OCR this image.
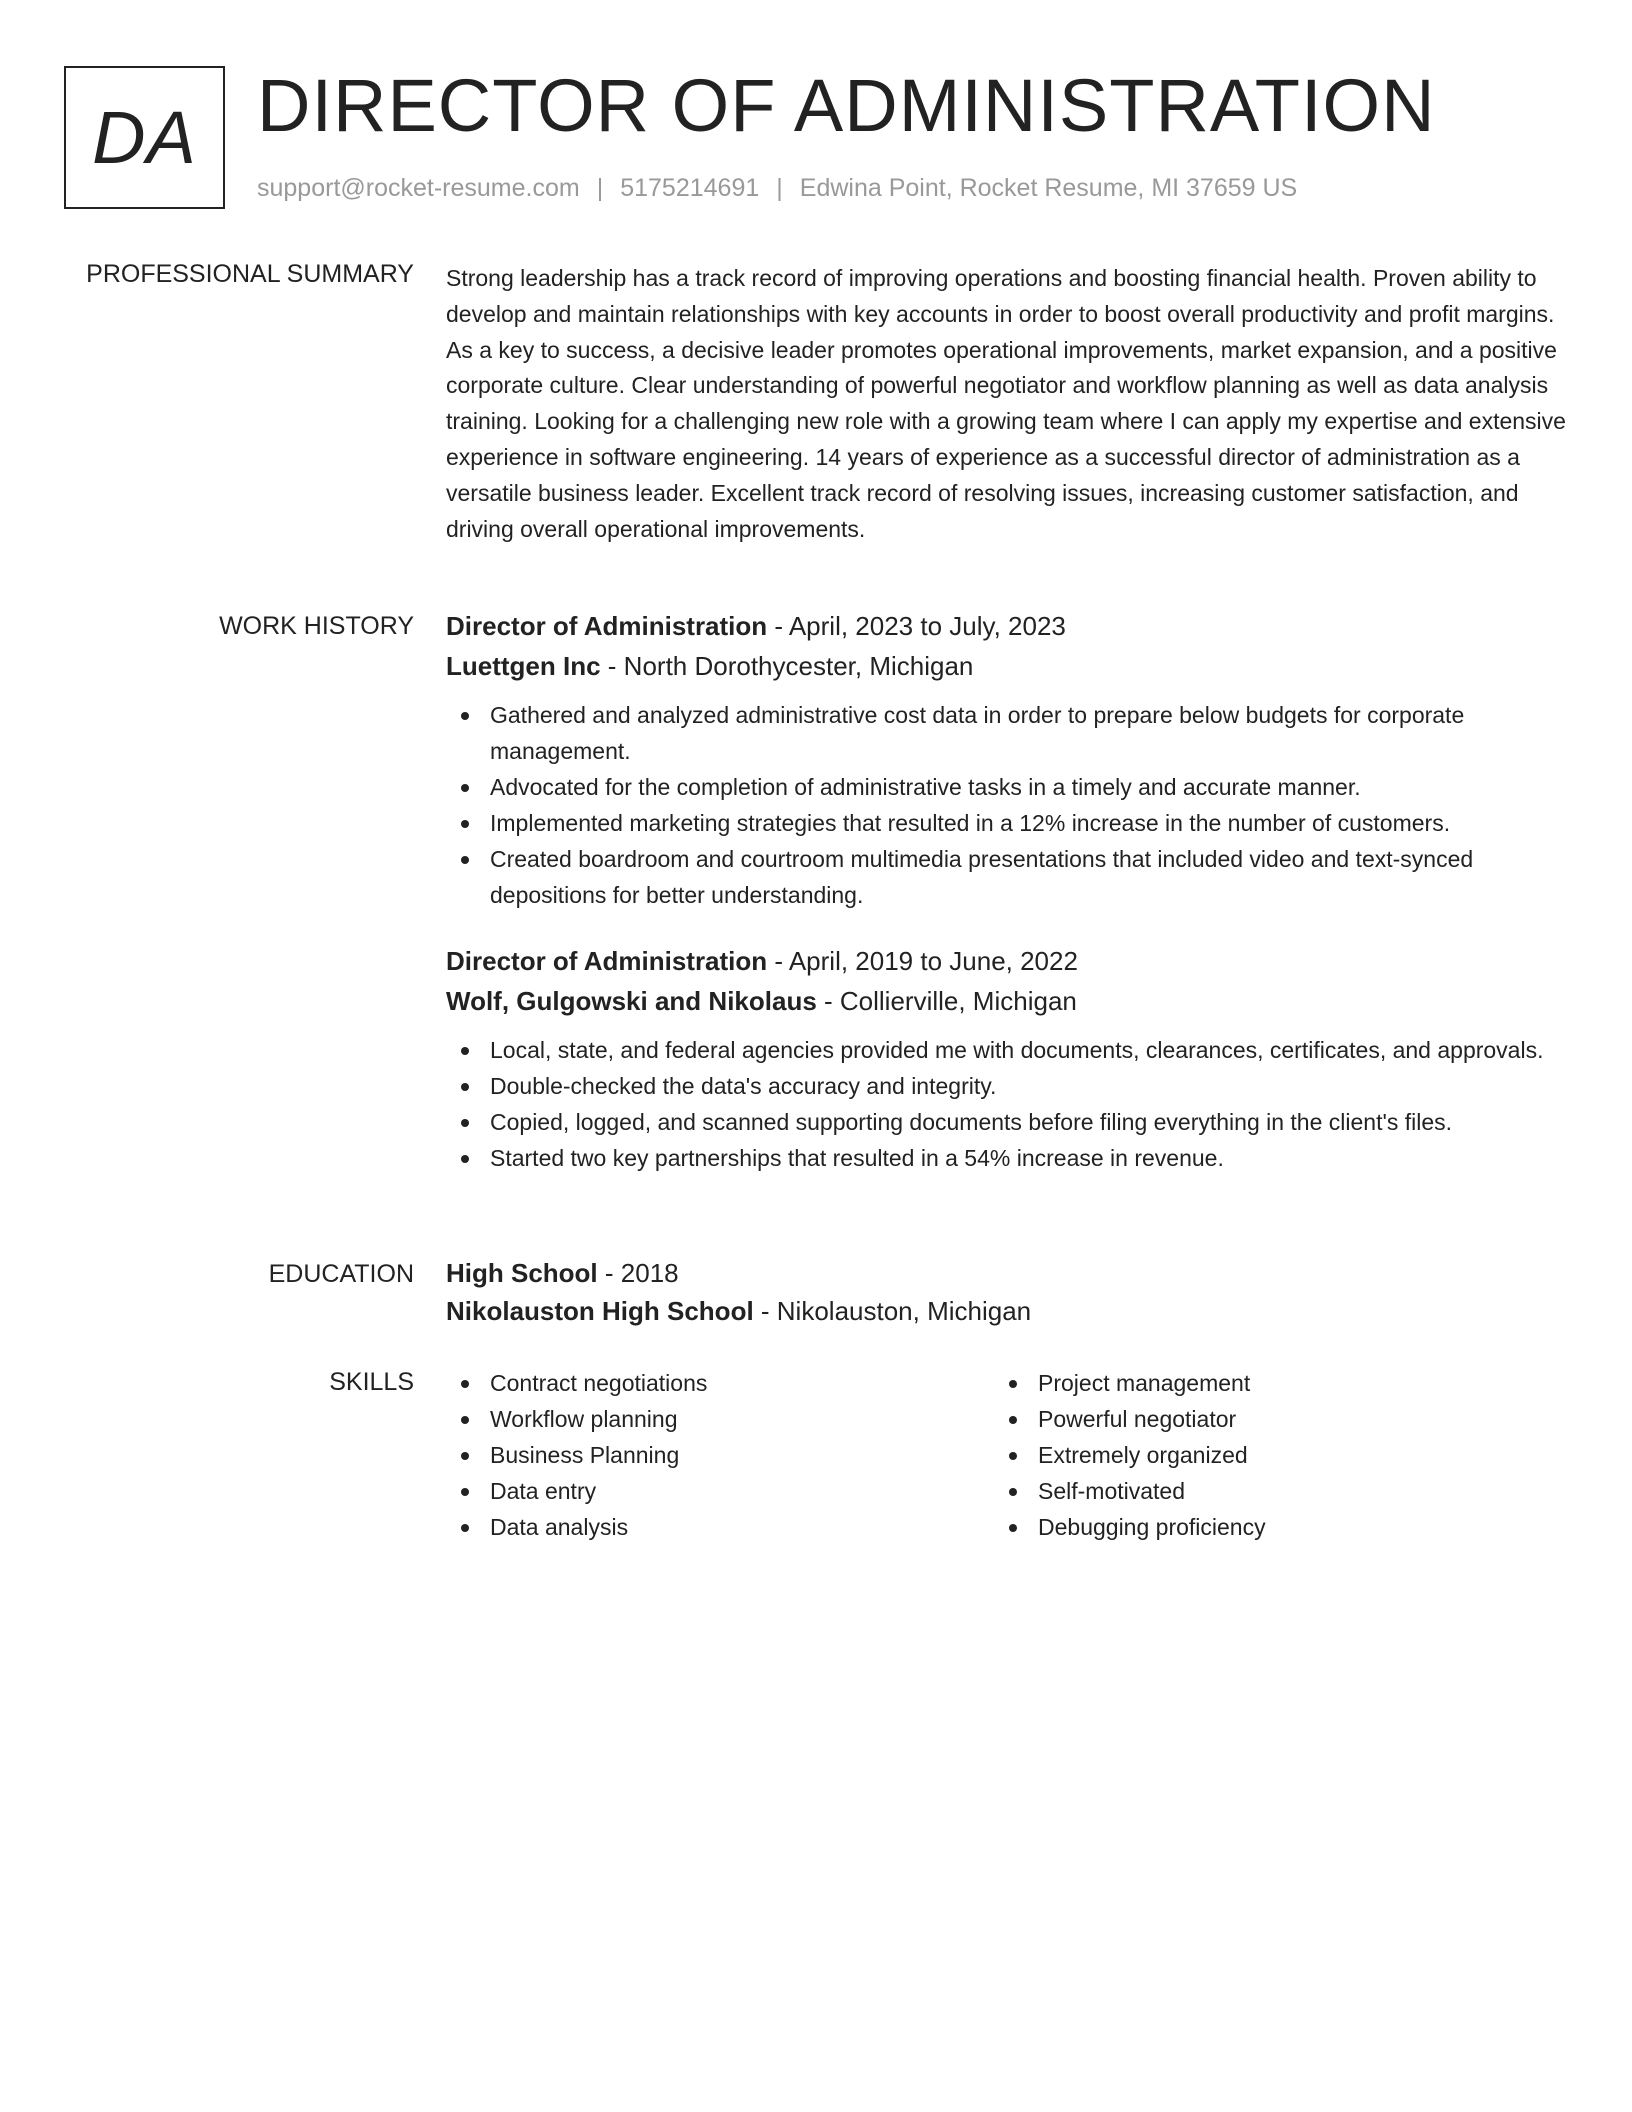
DA DIRECTOR OF ADMINISTRATION
support@rocket-resume.com | 5175214691 | Edwina Point, Rocket Resume, MI 37659 US
PROFESSIONAL SUMMARY Strong leadership has a track record of improving operations and boosting financial health. Proven ability to develop and maintain relationships with key accounts in order to boost overall productivity and profit margins. As a key to success, a decisive leader promotes operational improvements, market expansion, and a positive corporate culture. Clear understanding of powerful negotiator and workflow planning as well as data analysis training. Looking for a challenging new role with a growing team where I can apply my expertise and extensive experience in software engineering. 14 years of experience as a successful director of administration as a versatile business leader. Excellent track record of resolving issues, increasing customer satisfaction, and driving overall operational improvements.

WORK HISTORY Director of Administration - April, 2023 to July, 2023
Luettgen Inc - North Dorothycester, Michigan
Gathered and analyzed administrative cost data in order to prepare below budgets for corporate management.
Advocated for the completion of administrative tasks in a timely and accurate manner.
Implemented marketing strategies that resulted in a 12% increase in the number of customers.
Created boardroom and courtroom multimedia presentations that included video and text-synced depositions for better understanding.
Director of Administration - April, 2019 to June, 2022
Wolf, Gulgowski and Nikolaus - Collierville, Michigan
Local, state, and federal agencies provided me with documents, clearances, certificates, and approvals.
Double-checked the data's accuracy and integrity.
Copied, logged, and scanned supporting documents before filing everything in the client's files.
Started two key partnerships that resulted in a 54% increase in revenue.
EDUCATION High School - 2018
Nikolauston High School - Nikolauston, Michigan
SKILLS	Contract negotiations
Workflow planning
Business Planning
Data entry
Data analysis
Project management
Powerful negotiator
Extremely organized
Self-motivated
Debugging proficiency
